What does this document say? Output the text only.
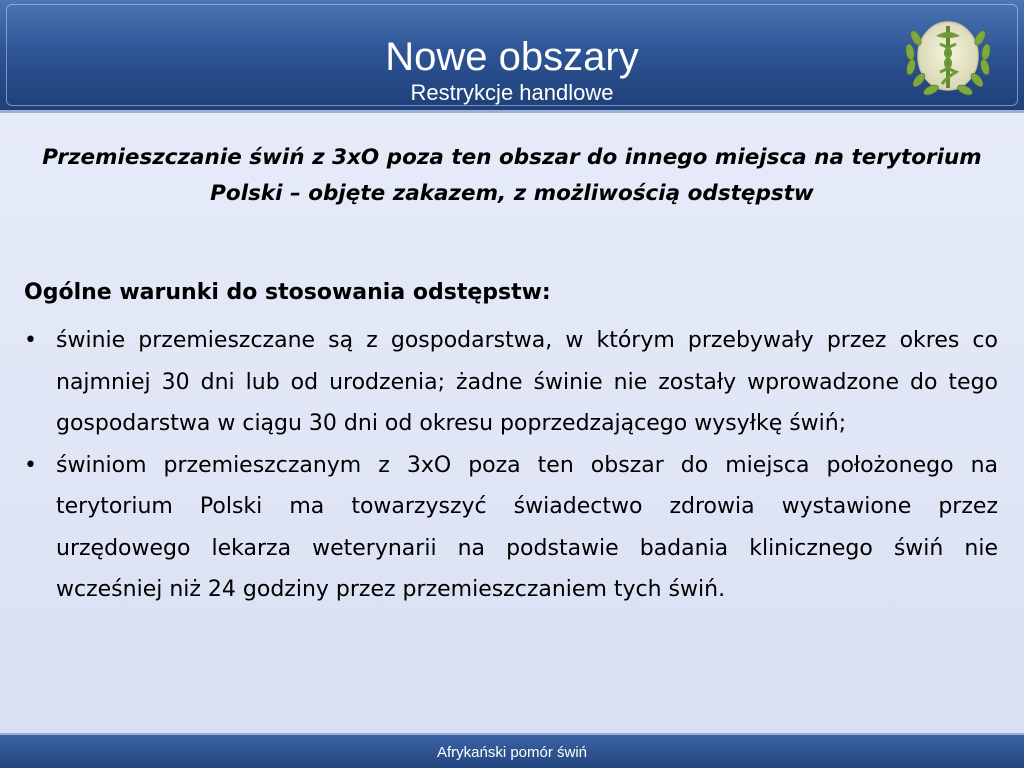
Nowe obszary
Restrykcje handlowe
Przemieszczanie świń z 3xO poza ten obszar do innego miejsca na terytorium Polski – objęte zakazem, z możliwością odstępstw
Ogólne warunki do stosowania odstępstw:
• świnie przemieszczane są z gospodarstwa, w którym przebywały przez okres co najmniej 30 dni lub od urodzenia; żadne świnie nie zostały wprowadzone do tego gospodarstwa w ciągu 30 dni od okresu poprzedzającego wysyłkę świń;
• świniom przemieszczanym z 3xO poza ten obszar do miejsca położonego na terytorium Polski ma towarzyszyć świadectwo zdrowia wystawione przez urzędowego lekarza weterynarii na podstawie badania klinicznego świń nie wcześniej niż 24 godziny przez przemieszczaniem tych świń.
Afrykański pomór świń
